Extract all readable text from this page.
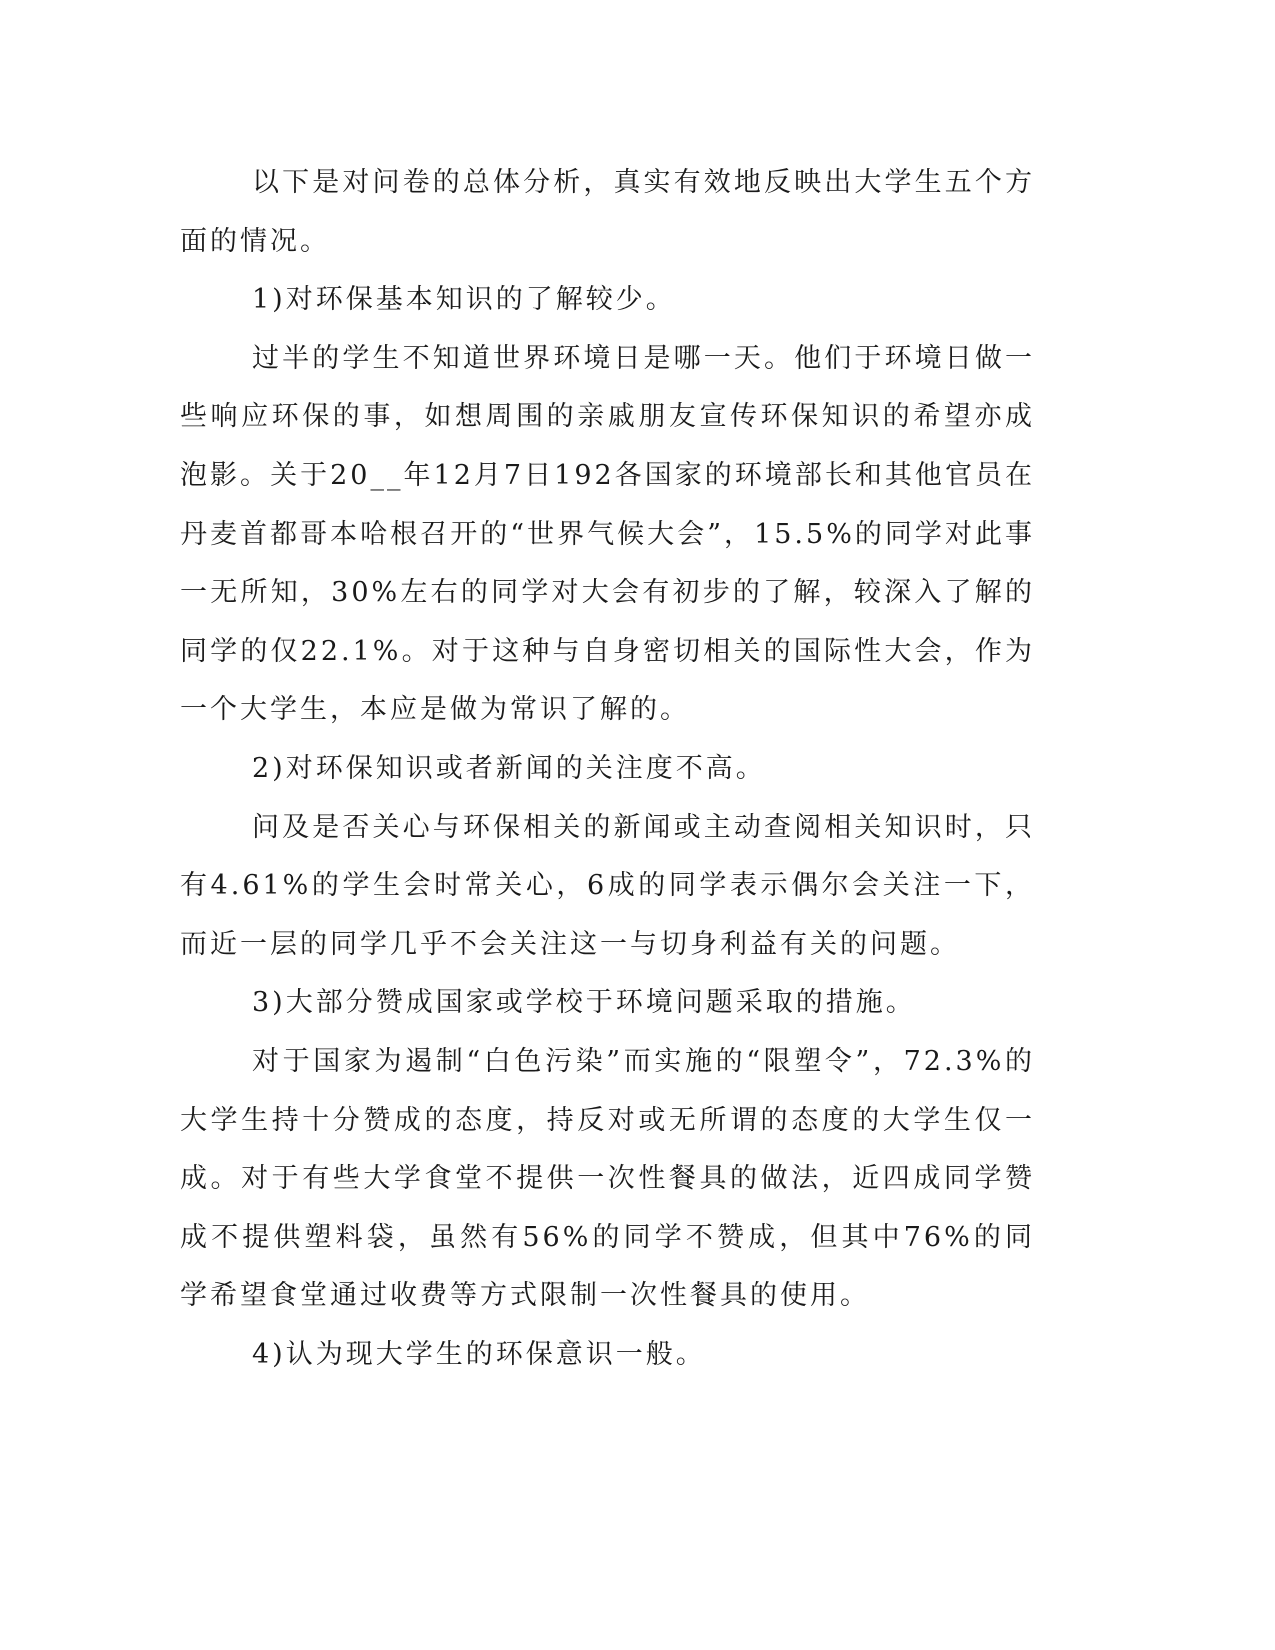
以下是对问卷的总体分析，真实有效地反映出大学生五个方面的情况。

1)对环保基本知识的了解较少。

过半的学生不知道世界环境日是哪一天。他们于环境日做一些响应环保的事，如想周围的亲戚朋友宣传环保知识的希望亦成泡影。关于20__年12月7日192各国家的环境部长和其他官员在丹麦首都哥本哈根召开的“世界气候大会”，15.5%的同学对此事一无所知，30%左右的同学对大会有初步的了解，较深入了解的同学的仅22.1%。对于这种与自身密切相关的国际性大会，作为一个大学生，本应是做为常识了解的。

2)对环保知识或者新闻的关注度不高。

问及是否关心与环保相关的新闻或主动查阅相关知识时，只有4.61%的学生会时常关心，6成的同学表示偶尔会关注一下，而近一层的同学几乎不会关注这一与切身利益有关的问题。

3)大部分赞成国家或学校于环境问题采取的措施。

对于国家为遏制“白色污染”而实施的“限塑令”，72.3%的大学生持十分赞成的态度，持反对或无所谓的态度的大学生仅一成。对于有些大学食堂不提供一次性餐具的做法，近四成同学赞成不提供塑料袋，虽然有56%的同学不赞成，但其中76%的同学希望食堂通过收费等方式限制一次性餐具的使用。

4)认为现大学生的环保意识一般。
